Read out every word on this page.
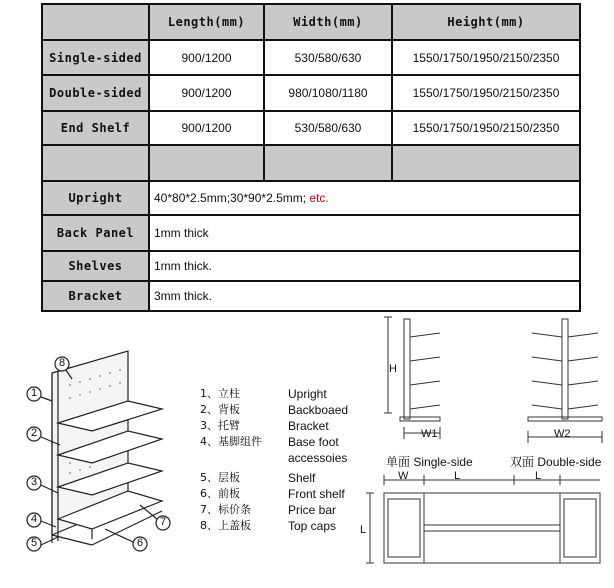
	Length(mm)	Width(mm)	Height(mm)
Single-sided	900/1200	530/580/630	1550/1750/1950/2150/2350
Double-sided	900/1200	980/1080/1180	1550/1750/1950/2150/2350
End Shelf	900/1200	530/580/630	1550/1750/1950/2150/2350

Upright	40*80*2.5mm;30*90*2.5mm; etc.		
Back Panel	1mm thick		
Shelves	1mm thick.		
Bracket	3mm thick.		
8
1
2
3
4
5	6
7
1、立柱	Upright
2、背板	Backboaed
3、托臂	Bracket
4、基脚组件 Base foot
accessoies
5、层板	Shelf
6、前板	Front shelf
7、标价条	Price bar
8、上盖板	Top caps
H
W1	W2
W	L	L
L
单面 Single-side	双面 Double-side
